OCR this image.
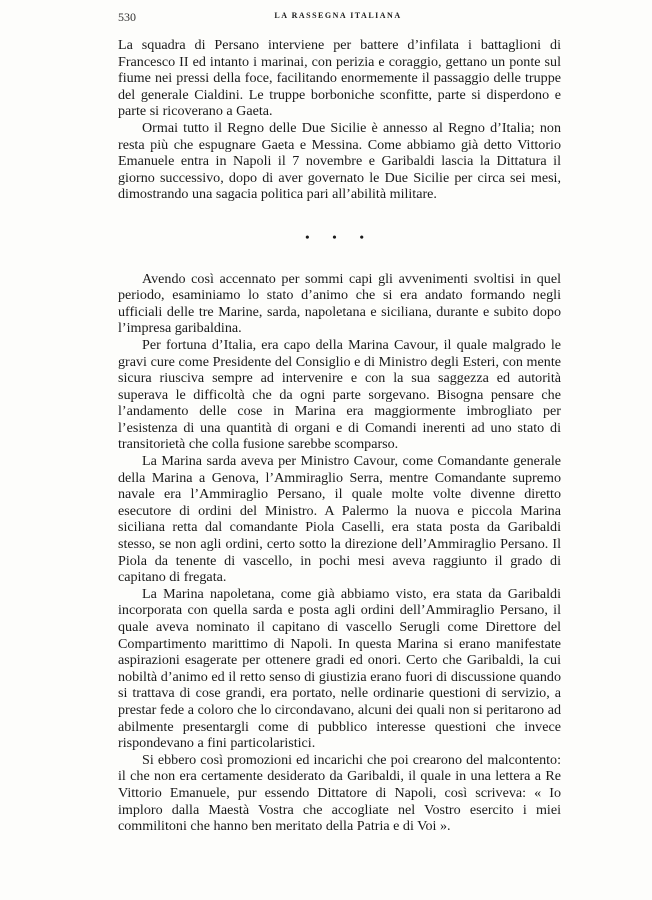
530	LA RASSEGNA ITALIANA

La squadra di Persano interviene per battere d’infilata i battaglioni di Francesco II ed intanto i marinai, con perizia e coraggio, gettano un ponte sul fiume nei pressi della foce, facilitando enormemente il passaggio delle truppe del generale Cialdini. Le truppe borboniche sconfitte, parte si disperdono e parte si ricoverano a Gaeta.

Ormai tutto il Regno delle Due Sicilie è annesso al Regno d’Italia; non resta più che espugnare Gaeta e Messina. Come abbiamo già detto Vittorio Emanuele entra in Napoli il 7 novembre e Garibaldi lascia la Dittatura il giorno successivo, dopo di aver governato le Due Sicilie per circa sei mesi, dimostrando una sagacia politica pari all’abilità militare.

• • •

Avendo così accennato per sommi capi gli avvenimenti svoltisi in quel periodo, esaminiamo lo stato d’animo che si era andato formando negli ufficiali delle tre Marine, sarda, napoletana e siciliana, durante e subito dopo l’impresa garibaldina.

Per fortuna d’Italia, era capo della Marina Cavour, il quale malgrado le gravi cure come Presidente del Consiglio e di Ministro degli Esteri, con mente sicura riusciva sempre ad intervenire e con la sua saggezza ed autorità superava le difficoltà che da ogni parte sorgevano. Bisogna pensare che l’andamento delle cose in Marina era maggiormente imbrogliato per l’esistenza di una quantità di organi e di Comandi inerenti ad uno stato di transitorietà che colla fusione sarebbe scomparso.

La Marina sarda aveva per Ministro Cavour, come Comandante generale della Marina a Genova, l’Ammiraglio Serra, mentre Comandante supremo navale era l’Ammiraglio Persano, il quale molte volte divenne diretto esecutore di ordini del Ministro. A Palermo la nuova e piccola Marina siciliana retta dal comandante Piola Caselli, era stata posta da Garibaldi stesso, se non agli ordini, certo sotto la direzione dell’Ammiraglio Persano. Il Piola da tenente di vascello, in pochi mesi aveva raggiunto il grado di capitano di fregata.

La Marina napoletana, come già abbiamo visto, era stata da Garibaldi incorporata con quella sarda e posta agli ordini dell’Ammiraglio Persano, il quale aveva nominato il capitano di vascello Serugli come Direttore del Compartimento marittimo di Napoli. In questa Marina si erano manifestate aspirazioni esagerate per ottenere gradi ed onori. Certo che Garibaldi, la cui nobiltà d’animo ed il retto senso di giustizia erano fuori di discussione quando si trattava di cose grandi, era portato, nelle ordinarie questioni di servizio, a prestar fede a coloro che lo circondavano, alcuni dei quali non si peritarono ad abilmente presentargli come di pubblico interesse questioni che invece rispondevano a fini particolaristici.

Si ebbero così promozioni ed incarichi che poi crearono del malcontento: il che non era certamente desiderato da Garibaldi, il quale in una lettera a Re Vittorio Emanuele, pur essendo Dittatore di Napoli, così scriveva: « Io imploro dalla Maestà Vostra che accogliate nel Vostro esercito i miei commilitoni che hanno ben meritato della Patria e di Voi ».
